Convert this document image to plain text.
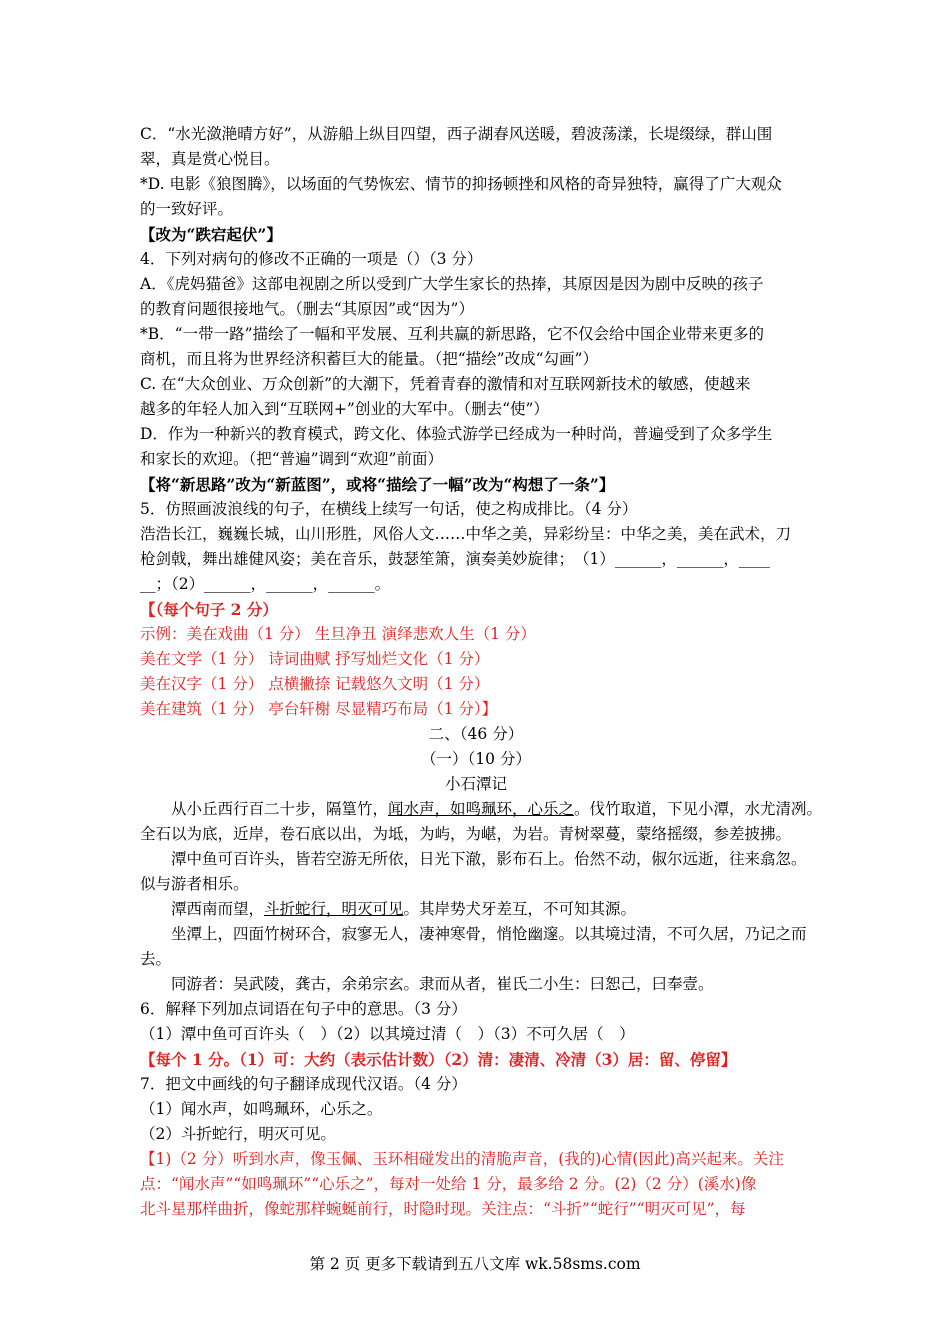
C．“水光潋滟晴方好”，从游船上纵目四望，西子湖春风送暖，碧波荡漾，长堤缀绿，群山围
翠，真是赏心悦目。
*D. 电影《狼图腾》，以场面的气势恢宏、情节的抑扬顿挫和风格的奇异独特，赢得了广大观众
的一致好评。
【改为“跌宕起伏”】
4．下列对病句的修改不正确的一项是（）（3 分）
A．《虎妈猫爸》这部电视剧之所以受到广大学生家长的热捧，其原因是因为剧中反映的孩子
的教育问题很接地气。（删去“其原因”或“因为”）
*B．“一带一路”描绘了一幅和平发展、互利共赢的新思路，它不仅会给中国企业带来更多的
商机，而且将为世界经济积蓄巨大的能量。（把“描绘”改成“勾画”）
C. 在“大众创业、万众创新”的大潮下，凭着青春的激情和对互联网新技术的敏感，使越来
越多的年轻人加入到“互联网+”创业的大军中。（删去“使”）
D．作为一种新兴的教育模式，跨文化、体验式游学已经成为一种时尚，普遍受到了众多学生
和家长的欢迎。（把“普遍”调到“欢迎”前面）
【将“新思路”改为“新蓝图”，或将“描绘了一幅”改为“构想了一条”】
5．仿照画波浪线的句子，在横线上续写一句话，使之构成排比。（4 分）
浩浩长江，巍巍长城，山川形胜，风俗人文……中华之美，异彩纷呈：中华之美，美在武术，刀
枪剑戟，舞出雄健风姿；美在音乐，鼓瑟笙箫，演奏美妙旋律；　（1）______，______，____
__；（2）______，______，______。
【（每个句子 2 分）
示例：美在戏曲（1 分） 生旦净丑 演绎悲欢人生（1 分）
美在文学（1 分） 诗词曲赋 抒写灿烂文化（1 分）
美在汉字（1 分） 点横撇捺 记载悠久文明（1 分）
美在建筑（1 分） 亭台轩榭 尽显精巧布局（1 分）】
二、（46 分）
（一）（10 分）
小石潭记
从小丘西行百二十步，隔篁竹，闻水声，如鸣珮环，心乐之。伐竹取道，下见小潭，水尤清冽。
全石以为底，近岸，卷石底以出，为坻，为屿，为嵁，为岩。青树翠蔓，蒙络摇缀，参差披拂。
潭中鱼可百许头，皆若空游无所依，日光下澈，影布石上。佁然不动，俶尔远逝，往来翕忽。
似与游者相乐。
潭西南而望，斗折蛇行，明灭可见。其岸势犬牙差互，不可知其源。
坐潭上，四面竹树环合，寂寥无人，凄神寒骨，悄怆幽邃。以其境过清，不可久居，乃记之而
去。
同游者：吴武陵，龚古，余弟宗玄。隶而从者，崔氏二小生：曰恕己，曰奉壹。
6．解释下列加点词语在句子中的意思。（3 分）
（1）潭中鱼可百许头（　）（2）以其境过清（　）（3）不可久居（　）
【每个 1 分。（1）可：大约（表示估计数）（2）清：凄清、冷清（3）居：留、停留】
7．把文中画线的句子翻译成现代汉语。（4 分）
（1）闻水声，如鸣珮环，心乐之。
（2）斗折蛇行，明灭可见。
【1)（2 分）听到水声，像玉佩、玉环相碰发出的清脆声音，(我的)心情(因此)高兴起来。关注
点：“闻水声”“如鸣珮环”“心乐之”，每对一处给 1 分，最多给 2 分。(2)（2 分）(溪水)像
北斗星那样曲折，像蛇那样蜿蜒前行，时隐时现。关注点：“斗折”“蛇行”“明灭可见”，每
第 2 页 更多下载请到五八文库 wk.58sms.com
